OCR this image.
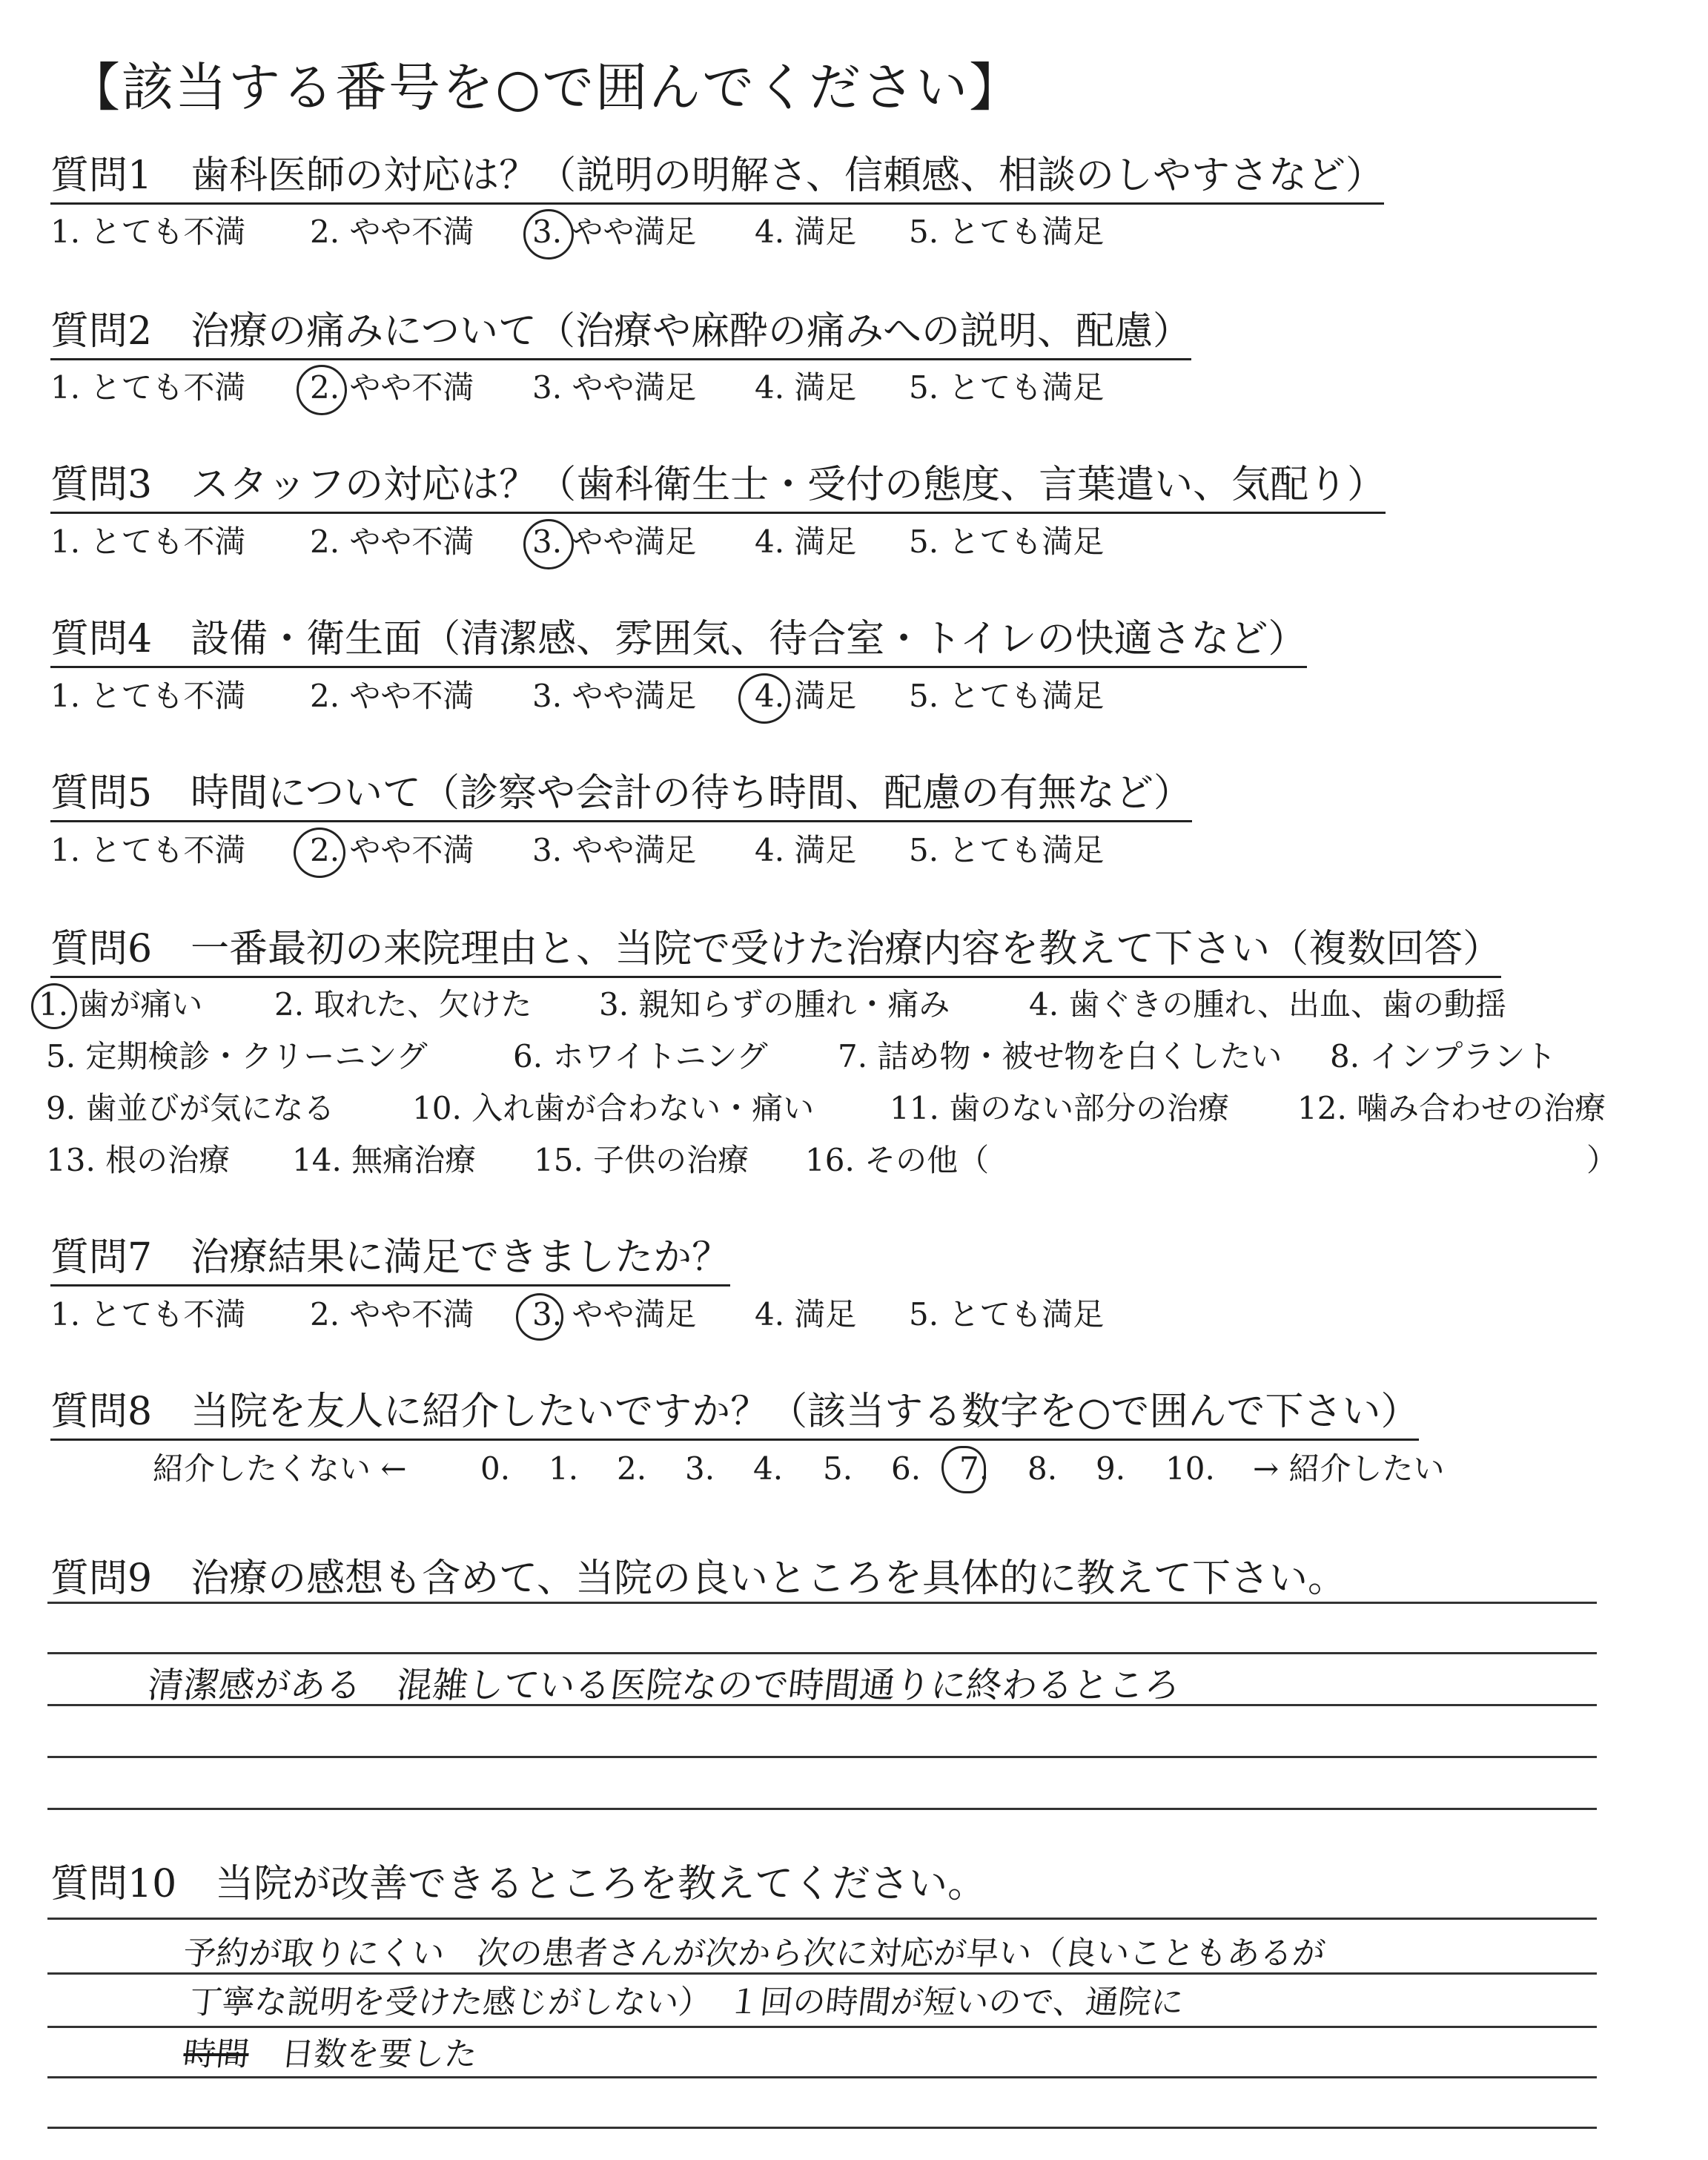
【該当する番号を○で囲んでください】
質問1　歯科医師の対応は？（説明の明解さ、信頼感、相談のしやすさなど）
1. とても不満 2. やや不満 3. やや満足 4. 満足 5. とても満足
質問2　治療の痛みについて（治療や麻酔の痛みへの説明、配慮）
1. とても不満 2. やや不満 3. やや満足 4. 満足 5. とても満足
質問3　スタッフの対応は？（歯科衛生士・受付の態度、言葉遣い、気配り）
1. とても不満 2. やや不満 3. やや満足 4. 満足 5. とても満足
質問4　設備・衛生面（清潔感、雰囲気、待合室・トイレの快適さなど）
1. とても不満 2. やや不満 3. やや満足 4. 満足 5. とても満足
質問5　時間について（診察や会計の待ち時間、配慮の有無など）
1. とても不満 2. やや不満 3. やや満足 4. 満足 5. とても満足
質問6　一番最初の来院理由と、当院で受けた治療内容を教えて下さい（複数回答）
1. 歯が痛い 2. 取れた、欠けた 3. 親知らずの腫れ・痛み	4. 歯ぐきの腫れ、出血、歯の動揺
5. 定期検診・クリーニング	6. ホワイトニング 7. 詰め物・被せ物を白くしたい 8. インプラント
9. 歯並びが気になる 10. 入れ歯が合わない・痛い 11. 歯のない部分の治療 12. 噛み合わせの治療
13. 根の治療 14. 無痛治療 15. 子供の治療 16. その他（	）
質問7　治療結果に満足できましたか？
1. とても不満 2. やや不満 3. やや満足 4. 満足 5. とても満足
質問8　当院を友人に紹介したいですか？（該当する数字を○で囲んで下さい）
紹介したくない ← 0. 1. 2. 3. 4. 5. 6. 7. 8. 9. 10. → 紹介したい
質問9　治療の感想も含めて、当院の良いところを具体的に教えて下さい。
清潔感がある　混雑している医院なので時間通りに終わるところ
質問10　当院が改善できるところを教えてください。
予約が取りにくい　次の患者さんが次から次に対応が早い（良いこともあるが
丁寧な説明を受けた感じがしない）　１回の時間が短いので、通院に
時間　 日数を要した
